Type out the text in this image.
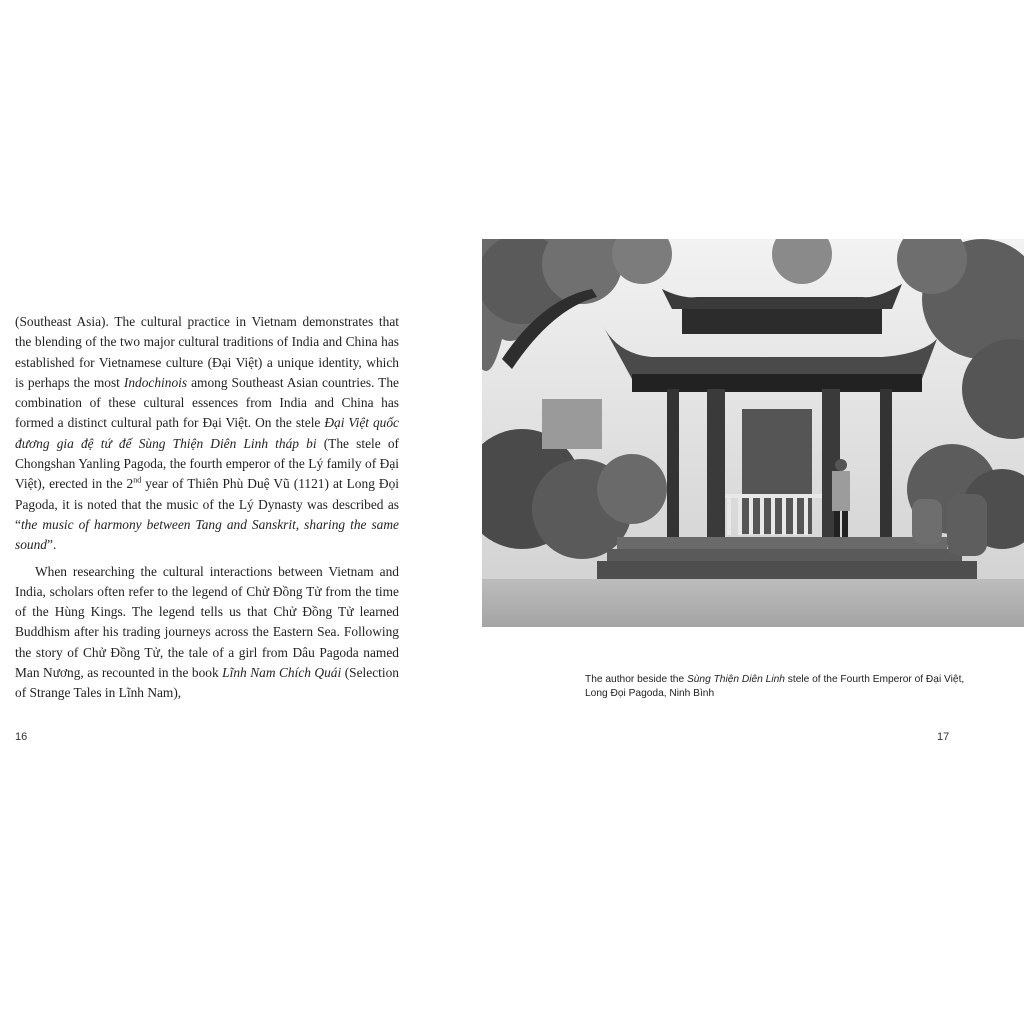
(Southeast Asia). The cultural practice in Vietnam demonstrates that the blending of the two major cultural traditions of India and China has established for Vietnamese culture (Đại Việt) a unique identity, which is perhaps the most Indochinois among Southeast Asian countries. The combination of these cultural essences from India and China has formed a distinct cultural path for Đại Việt. On the stele Đại Việt quốc đương gia đệ tứ đế Sùng Thiện Diên Linh tháp bi (The stele of Chongshan Yanling Pagoda, the fourth emperor of the Lý family of Đại Việt), erected in the 2nd year of Thiên Phù Duệ Vũ (1121) at Long Đọi Pagoda, it is noted that the music of the Lý Dynasty was described as “the music of harmony between Tang and Sanskrit, sharing the same sound”.

When researching the cultural interactions between Vietnam and India, scholars often refer to the legend of Chử Đồng Tử from the time of the Hùng Kings. The legend tells us that Chử Đồng Tử learned Buddhism after his trading journeys across the Eastern Sea. Following the story of Chử Đồng Tử, the tale of a girl from Dâu Pagoda named Man Nương, as recounted in the book Lĩnh Nam Chích Quái (Selection of Strange Tales in Lĩnh Nam),

16
The author beside the Sùng Thiện Diên Linh stele of the Fourth Emperor of Đại Việt, Long Đọi Pagoda, Ninh Bình
17
